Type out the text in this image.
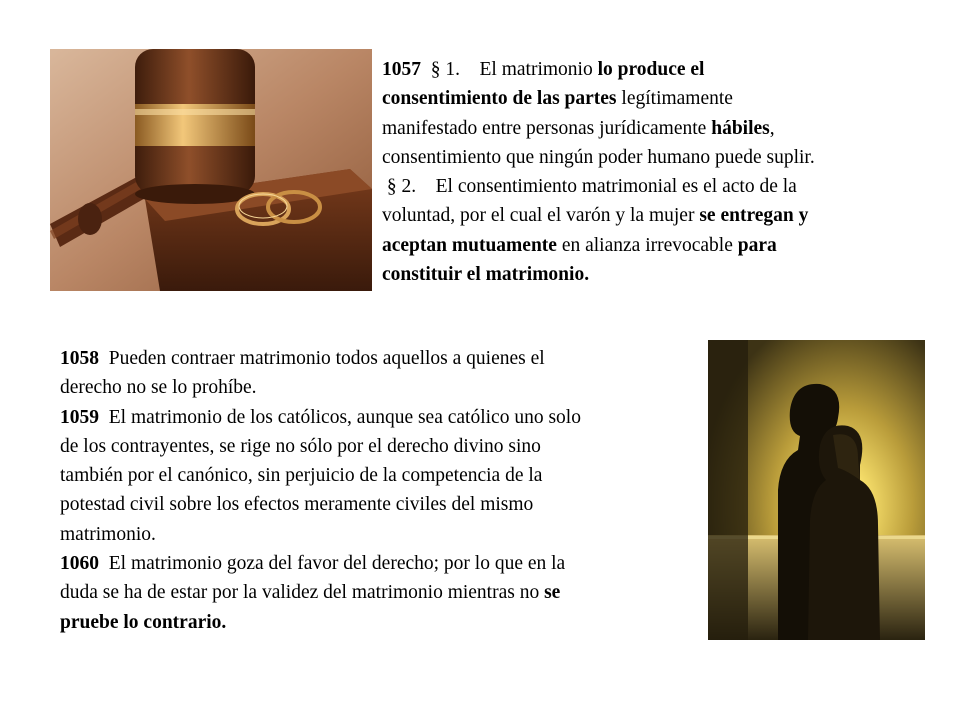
1057  § 1.    El matrimonio lo produce el

consentimiento de las partes legítimamente

manifestado entre personas jurídicamente hábiles,

consentimiento que ningún poder humano puede suplir.

§ 2.    El consentimiento matrimonial es el acto de la

voluntad, por el cual el varón y la mujer se entregan y

aceptan mutuamente en alianza irrevocable para

constituir el matrimonio.

1058  Pueden contraer matrimonio todos aquellos a quienes el

derecho no se lo prohíbe.

1059  El matrimonio de los católicos, aunque sea católico uno solo

de los contrayentes, se rige no sólo por el derecho divino sino

también por el canónico, sin perjuicio de la competencia de la

potestad civil sobre los efectos meramente civiles del mismo

matrimonio.

1060  El matrimonio goza del favor del derecho; por lo que en la

duda se ha de estar por la validez del matrimonio mientras no se

pruebe lo contrario.
